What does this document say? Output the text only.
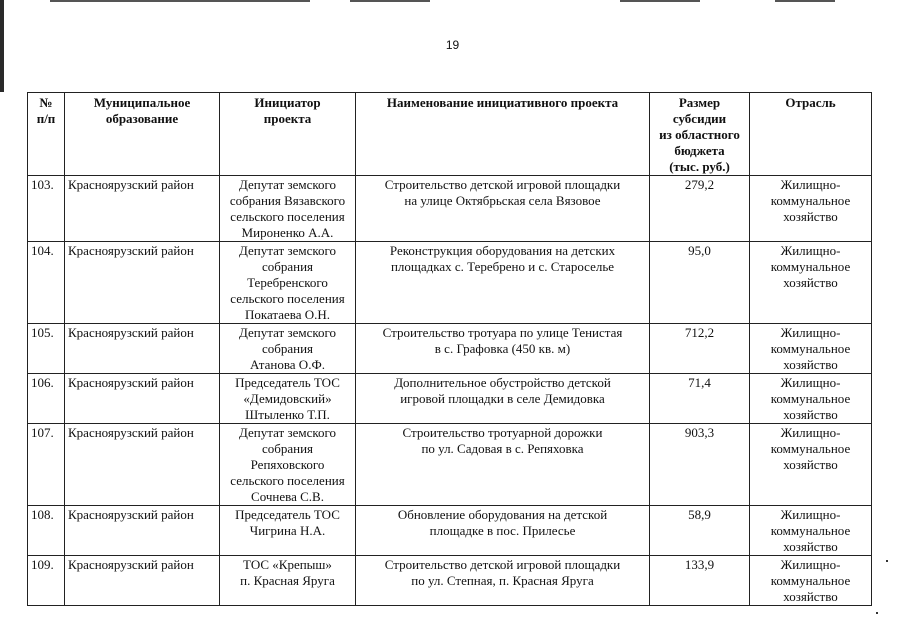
19
№
п/п	Муниципальное
образование	Инициатор
проекта	Наименование инициативного проекта	Размер
субсидии
из областного
бюджета
(тыс. руб.)	Отрасль
103.	Красноярузский район	Депутат земского
собрания Вязавского
сельского поселения
Мироненко А.А.	Строительство детской игровой площадки
на улице Октябрьская села Вязовое	279,2	Жилищно-
коммунальное
хозяйство
104.	Красноярузский район	Депутат земского
собрания
Теребренского
сельского поселения
Покатаева О.Н.	Реконструкция оборудования на детских
площадках с. Теребрено и с. Староселье	95,0	Жилищно-
коммунальное
хозяйство
105.	Красноярузский район	Депутат земского
собрания
Атанова О.Ф.	Строительство тротуара по улице Тенистая
в с. Графовка (450 кв. м)	712,2	Жилищно-
коммунальное
хозяйство
106.	Красноярузский район	Председатель ТОС
«Демидовский»
Штыленко Т.П.	Дополнительное обустройство детской
игровой площадки в селе Демидовка	71,4	Жилищно-
коммунальное
хозяйство
107.	Красноярузский район	Депутат земского
собрания
Репяховского
сельского поселения
Сочнева С.В.	Строительство тротуарной дорожки
по ул. Садовая в с. Репяховка	903,3	Жилищно-
коммунальное
хозяйство
108.	Красноярузский район	Председатель ТОС
Чигрина Н.А.	Обновление оборудования на детской
площадке в пос. Прилесье	58,9	Жилищно-
коммунальное
хозяйство
109.	Красноярузский район	ТОС «Крепыш»
п. Красная Яруга	Строительство детской игровой площадки
по ул. Степная, п. Красная Яруга	133,9	Жилищно-
коммунальное
хозяйство
